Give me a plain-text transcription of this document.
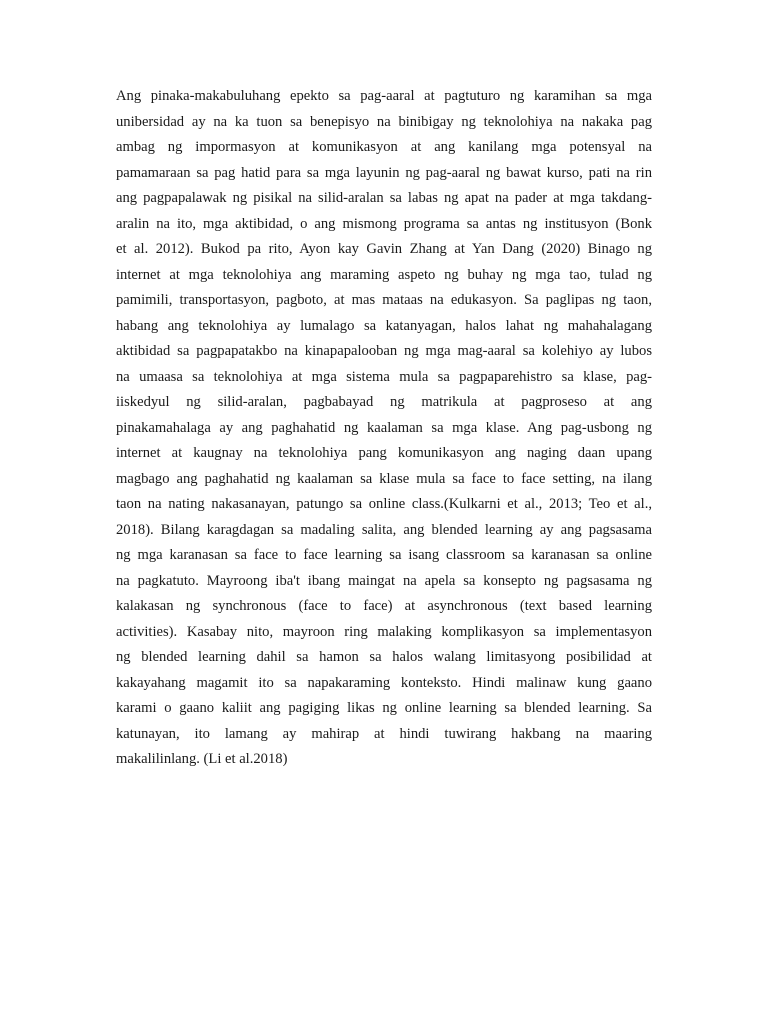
Ang pinaka-makabuluhang epekto sa pag-aaral at pagtuturo ng karamihan sa mga
unibersidad ay na ka tuon sa benepisyo na binibigay ng teknolohiya na nakaka pag
ambag ng impormasyon at komunikasyon at ang kanilang mga potensyal na
pamamaraan sa pag hatid para sa mga layunin ng pag-aaral ng bawat kurso, pati na rin
ang pagpapalawak ng pisikal na silid-aralan sa labas ng apat na pader at mga takdang-
aralin na ito, mga aktibidad, o ang mismong programa sa antas ng institusyon (Bonk
et al. 2012). Bukod pa rito, Ayon kay Gavin Zhang at Yan Dang (2020) Binago ng
internet at mga teknolohiya ang maraming aspeto ng buhay ng mga tao, tulad ng
pamimili, transportasyon, pagboto, at mas mataas na edukasyon. Sa paglipas ng taon,
habang ang teknolohiya ay lumalago sa katanyagan, halos lahat ng mahahalagang
aktibidad sa pagpapatakbo na kinapapalooban ng mga mag-aaral sa kolehiyo ay lubos
na umaasa sa teknolohiya at mga sistema mula sa pagpaparehistro sa klase, pag-
iiskedyul ng silid-aralan, pagbabayad ng matrikula at pagproseso at ang
pinakamahalaga ay ang paghahatid ng kaalaman sa mga klase. Ang pag-usbong ng
internet at kaugnay na teknolohiya pang komunikasyon ang naging daan upang
magbago ang paghahatid ng kaalaman sa klase mula sa face to face setting, na ilang
taon na nating nakasanayan, patungo sa online class.(Kulkarni et al., 2013; Teo et al.,
2018). Bilang karagdagan sa madaling salita, ang blended learning ay ang pagsasama
ng mga karanasan sa face to face learning sa isang classroom sa karanasan sa online
na pagkatuto. Mayroong iba't ibang maingat na apela sa konsepto ng pagsasama ng
kalakasan ng synchronous (face to face) at asynchronous (text based learning
activities). Kasabay nito, mayroon ring malaking komplikasyon sa implementasyon
ng blended learning dahil sa hamon sa halos walang limitasyong posibilidad at
kakayahang magamit ito sa napakaraming konteksto. Hindi malinaw kung gaano
karami o gaano kaliit ang pagiging likas ng online learning sa blended learning. Sa
katunayan, ito lamang ay mahirap at hindi tuwirang hakbang na maaring
makalilinlang. (Li et al.2018)
